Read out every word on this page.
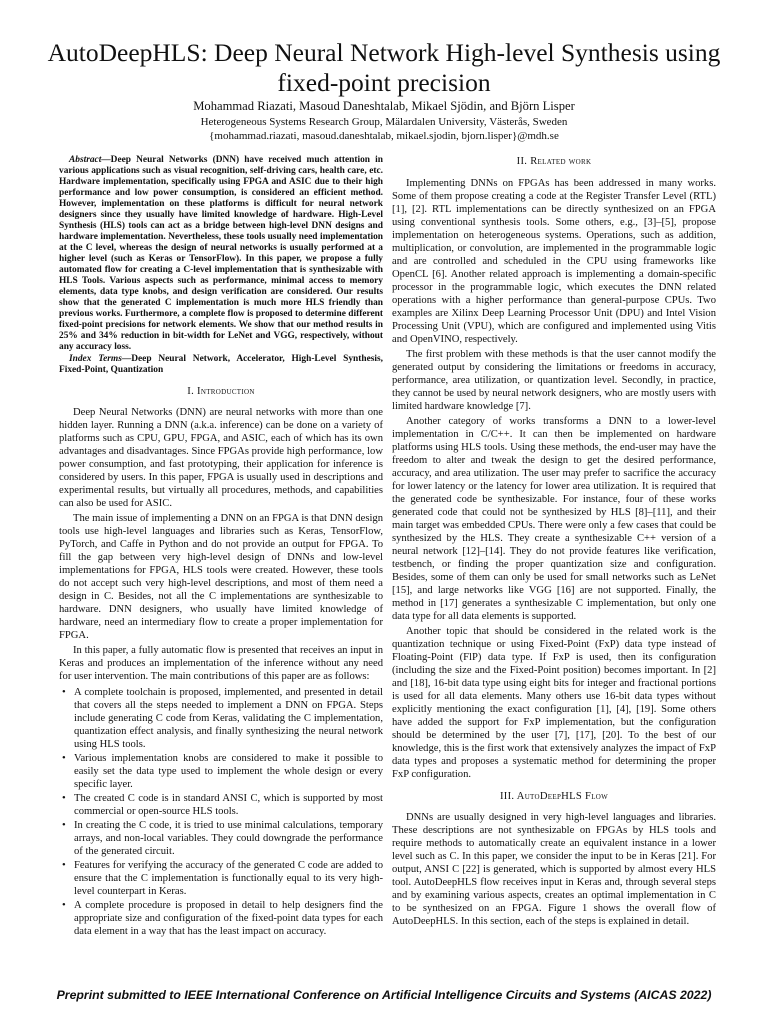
AutoDeepHLS: Deep Neural Network High-level Synthesis using fixed-point precision
Mohammad Riazati, Masoud Daneshtalab, Mikael Sjödin, and Björn Lisper
Heterogeneous Systems Research Group, Mälardalen University, Västerås, Sweden
{mohammad.riazati, masoud.daneshtalab, mikael.sjodin, bjorn.lisper}@mdh.se

Abstract—Deep Neural Networks (DNN) have received much attention in various applications such as visual recognition, self-driving cars, health care, etc. Hardware implementation, specifically using FPGA and ASIC due to their high performance and low power consumption, is considered an efficient method. However, implementation on these platforms is difficult for neural network designers since they usually have limited knowledge of hardware. High-Level Synthesis (HLS) tools can act as a bridge between high-level DNN designs and hardware implementation. Nevertheless, these tools usually need implementation at the C level, whereas the design of neural networks is usually performed at a higher level (such as Keras or TensorFlow). In this paper, we propose a fully automated flow for creating a C-level implementation that is synthesizable with HLS Tools. Various aspects such as performance, minimal access to memory elements, data type knobs, and design verification are considered. Our results show that the generated C implementation is much more HLS friendly than previous works. Furthermore, a complete flow is proposed to determine different fixed-point precisions for network elements. We show that our method results in 25% and 34% reduction in bit-width for LeNet and VGG, respectively, without any accuracy loss.

Index Terms—Deep Neural Network, Accelerator, High-Level Synthesis, Fixed-Point, Quantization

I. Introduction

Deep Neural Networks (DNN) are neural networks with more than one hidden layer. Running a DNN (a.k.a. inference) can be done on a variety of platforms such as CPU, GPU, FPGA, and ASIC, each of which has its own advantages and disadvantages. Since FPGAs provide high performance, low power consumption, and fast prototyping, their application for inference is considered by users. In this paper, FPGA is usually used in descriptions and experimental results, but virtually all procedures, methods, and capabilities can also be used for ASIC.

The main issue of implementing a DNN on an FPGA is that DNN design tools use high-level languages and libraries such as Keras, TensorFlow, PyTorch, and Caffe in Python and do not provide an output for FPGA. To fill the gap between very high-level design of DNNs and low-level implementations for FPGA, HLS tools were created. However, these tools do not accept such very high-level descriptions, and most of them need a design in C. Besides, not all the C implementations are synthesizable to hardware. DNN designers, who usually have limited knowledge of hardware, need an intermediary flow to create a proper implementation for FPGA.

In this paper, a fully automatic flow is presented that receives an input in Keras and produces an implementation of the inference without any need for user intervention. The main contributions of this paper are as follows:

• A complete toolchain is proposed, implemented, and presented in detail that covers all the steps needed to implement a DNN on FPGA. Steps include generating C code from Keras, validating the C implementation, quantization effect analysis, and finally synthesizing the neural network using HLS tools.
• Various implementation knobs are considered to make it possible to easily set the data type used to implement the whole design or every specific layer.
• The created C code is in standard ANSI C, which is supported by most commercial or open-source HLS tools.
• In creating the C code, it is tried to use minimal calculations, temporary arrays, and non-local variables. They could downgrade the performance of the generated circuit.
• Features for verifying the accuracy of the generated C code are added to ensure that the C implementation is functionally equal to its very high-level counterpart in Keras.
• A complete procedure is proposed in detail to help designers find the appropriate size and configuration of the fixed-point data types for each data element in a way that has the least impact on accuracy.
II. Related work

Implementing DNNs on FPGAs has been addressed in many works. Some of them propose creating a code at the Register Transfer Level (RTL) [1], [2]. RTL implementations can be directly synthesized on an FPGA using conventional synthesis tools. Some others, e.g., [3]–[5], propose implementation on heterogeneous systems. Operations, such as addition, multiplication, or convolution, are implemented in the programmable logic and are controlled and scheduled in the CPU using frameworks like OpenCL [6]. Another related approach is implementing a domain-specific processor in the programmable logic, which executes the DNN related operations with a higher performance than general-purpose CPUs. Two examples are Xilinx Deep Learning Processor Unit (DPU) and Intel Vision Processing Unit (VPU), which are configured and implemented using Vitis and OpenVINO, respectively.

The first problem with these methods is that the user cannot modify the generated output by considering the limitations or freedoms in accuracy, performance, area utilization, or quantization level. Secondly, in practice, they cannot be used by neural network designers, who are mostly users with limited hardware knowledge [7].

Another category of works transforms a DNN to a lower-level implementation in C/C++. It can then be implemented on hardware platforms using HLS tools. Using these methods, the end-user may have the freedom to alter and tweak the design to get the desired performance, accuracy, and area utilization. The user may prefer to sacrifice the accuracy for lower latency or the latency for lower area utilization. It is required that the generated code be synthesizable. For instance, four of these works generated code that could not be synthesized by HLS [8]–[11], and their main target was embedded CPUs. There were only a few cases that could be synthesized by the HLS. They create a synthesizable C++ version of a neural network [12]–[14]. They do not provide features like verification, testbench, or finding the proper quantization size and configuration. Besides, some of them can only be used for small networks such as LeNet [15], and large networks like VGG [16] are not supported. Finally, the method in [17] generates a synthesizable C implementation, but only one data type for all data elements is supported.

Another topic that should be considered in the related work is the quantization technique or using Fixed-Point (FxP) data type instead of Floating-Point (FlP) data type. If FxP is used, then its configuration (including the size and the Fixed-Point position) becomes important. In [2] and [18], 16-bit data type using eight bits for integer and fractional portions is used for all data elements. Many others use 16-bit data types without explicitly mentioning the exact configuration [1], [4], [19]. Some others have added the support for FxP implementation, but the configuration should be determined by the user [7], [17], [20]. To the best of our knowledge, this is the first work that extensively analyzes the impact of FxP data types and proposes a systematic method for determining the proper FxP configuration.

III. AutoDeepHLS Flow

DNNs are usually designed in very high-level languages and libraries. These descriptions are not synthesizable on FPGAs by HLS tools and require methods to automatically create an equivalent instance in a lower level such as C. In this paper, we consider the input to be in Keras [21]. For output, ANSI C [22] is generated, which is supported by almost every HLS tool. AutoDeepHLS flow receives input in Keras and, through several steps and by examining various aspects, creates an optimal implementation in C to be synthesized on an FPGA. Figure 1 shows the overall flow of AutoDeepHLS. In this section, each of the steps is explained in detail.

Preprint submitted to IEEE International Conference on Artificial Intelligence Circuits and Systems (AICAS 2022)
